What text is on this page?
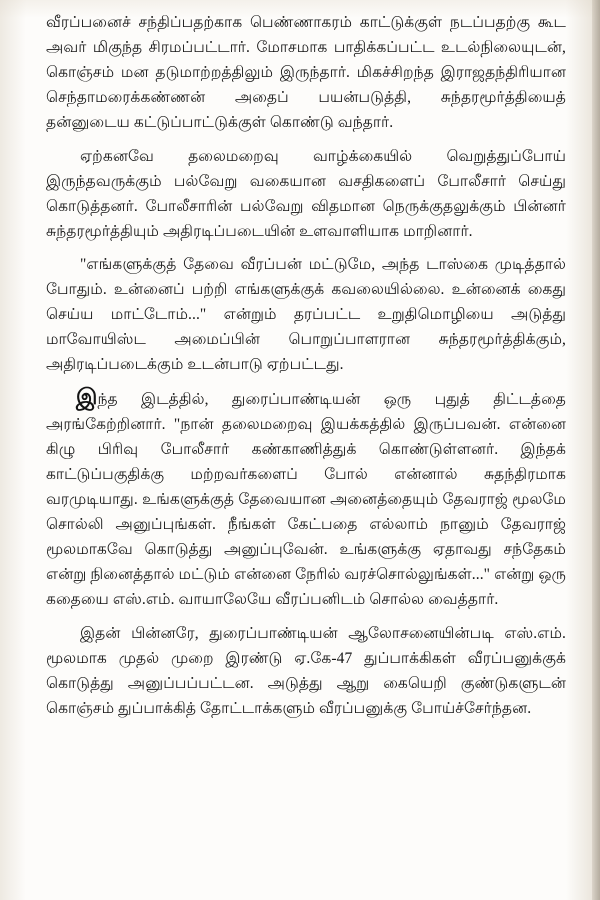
வீரப்பனைச் சந்திப்பதற்காக பெண்ணாகரம் காட்டுக்குள் நடப்பதற்கு கூட அவர் மிகுந்த சிரமப்பட்டார். மோசமாக பாதிக்கப்பட்ட உடல்நிலையுடன், கொஞ்சம் மன தடுமாற்றத்திலும் இருந்தார். மிகச்சிறந்த இராஜதந்திரியான செந்தாமரைக்கண்ணன் அதைப் பயன்படுத்தி, சுந்தரமூர்த்தியைத் தன்னுடைய கட்டுப்பாட்டுக்குள் கொண்டு வந்தார்.

ஏற்கனவே தலைமறைவு வாழ்க்கையில் வெறுத்துப்போய் இருந்தவருக்கும் பல்வேறு வகையான வசதிகளைப் போலீசார் செய்து கொடுத்தனர். போலீசாரின் பல்வேறு விதமான நெருக்குதலுக்கும் பின்னர் சுந்தரமூர்த்தியும் அதிரடிப்படையின் உளவாளியாக மாறினார்.

"எங்களுக்குத் தேவை வீரப்பன் மட்டுமே, அந்த டாஸ்கை முடித்தால் போதும். உன்னைப் பற்றி எங்களுக்குக் கவலையில்லை. உன்னைக் கைது செய்ய மாட்டோம்..." என்றும் தரப்பட்ட உறுதிமொழியை அடுத்து மாவோயிஸ்ட அமைப்பின் பொறுப்பாளரான சுந்தரமூர்த்திக்கும், அதிரடிப்படைக்கும் உடன்பாடு ஏற்பட்டது.

இந்த இடத்தில், துரைப்பாண்டியன் ஒரு புதுத் திட்டத்தை அரங்கேற்றினார். "நான் தலைமறைவு இயக்கத்தில் இருப்பவன். என்னை கிழு பிரிவு போலீசார் கண்காணித்துக் கொண்டுள்ளனர். இந்தக் காட்டுப்பகுதிக்கு மற்றவர்களைப் போல் என்னால் சுதந்திரமாக வரமுடியாது. உங்களுக்குத் தேவையான அனைத்தையும் தேவராஜ் மூலமே சொல்லி அனுப்புங்கள். நீங்கள் கேட்பதை எல்லாம் நானும் தேவராஜ் மூலமாகவே கொடுத்து அனுப்புவேன். உங்களுக்கு ஏதாவது சந்தேகம் என்று நினைத்தால் மட்டும் என்னை நேரில் வரச்சொல்லுங்கள்..." என்று ஒரு கதையை எஸ்.எம். வாயாலேயே வீரப்பனிடம் சொல்ல வைத்தார்.

இதன் பின்னரே, துரைப்பாண்டியன் ஆலோசனையின்படி எஸ்.எம். மூலமாக முதல் முறை இரண்டு ஏ.கே-47 துப்பாக்கிகள் வீரப்பனுக்குக் கொடுத்து அனுப்பப்பட்டன. அடுத்து ஆறு கையெறி குண்டுகளுடன் கொஞ்சம் துப்பாக்கித் தோட்டாக்களும் வீரப்பனுக்கு போய்ச்சேர்ந்தன.
